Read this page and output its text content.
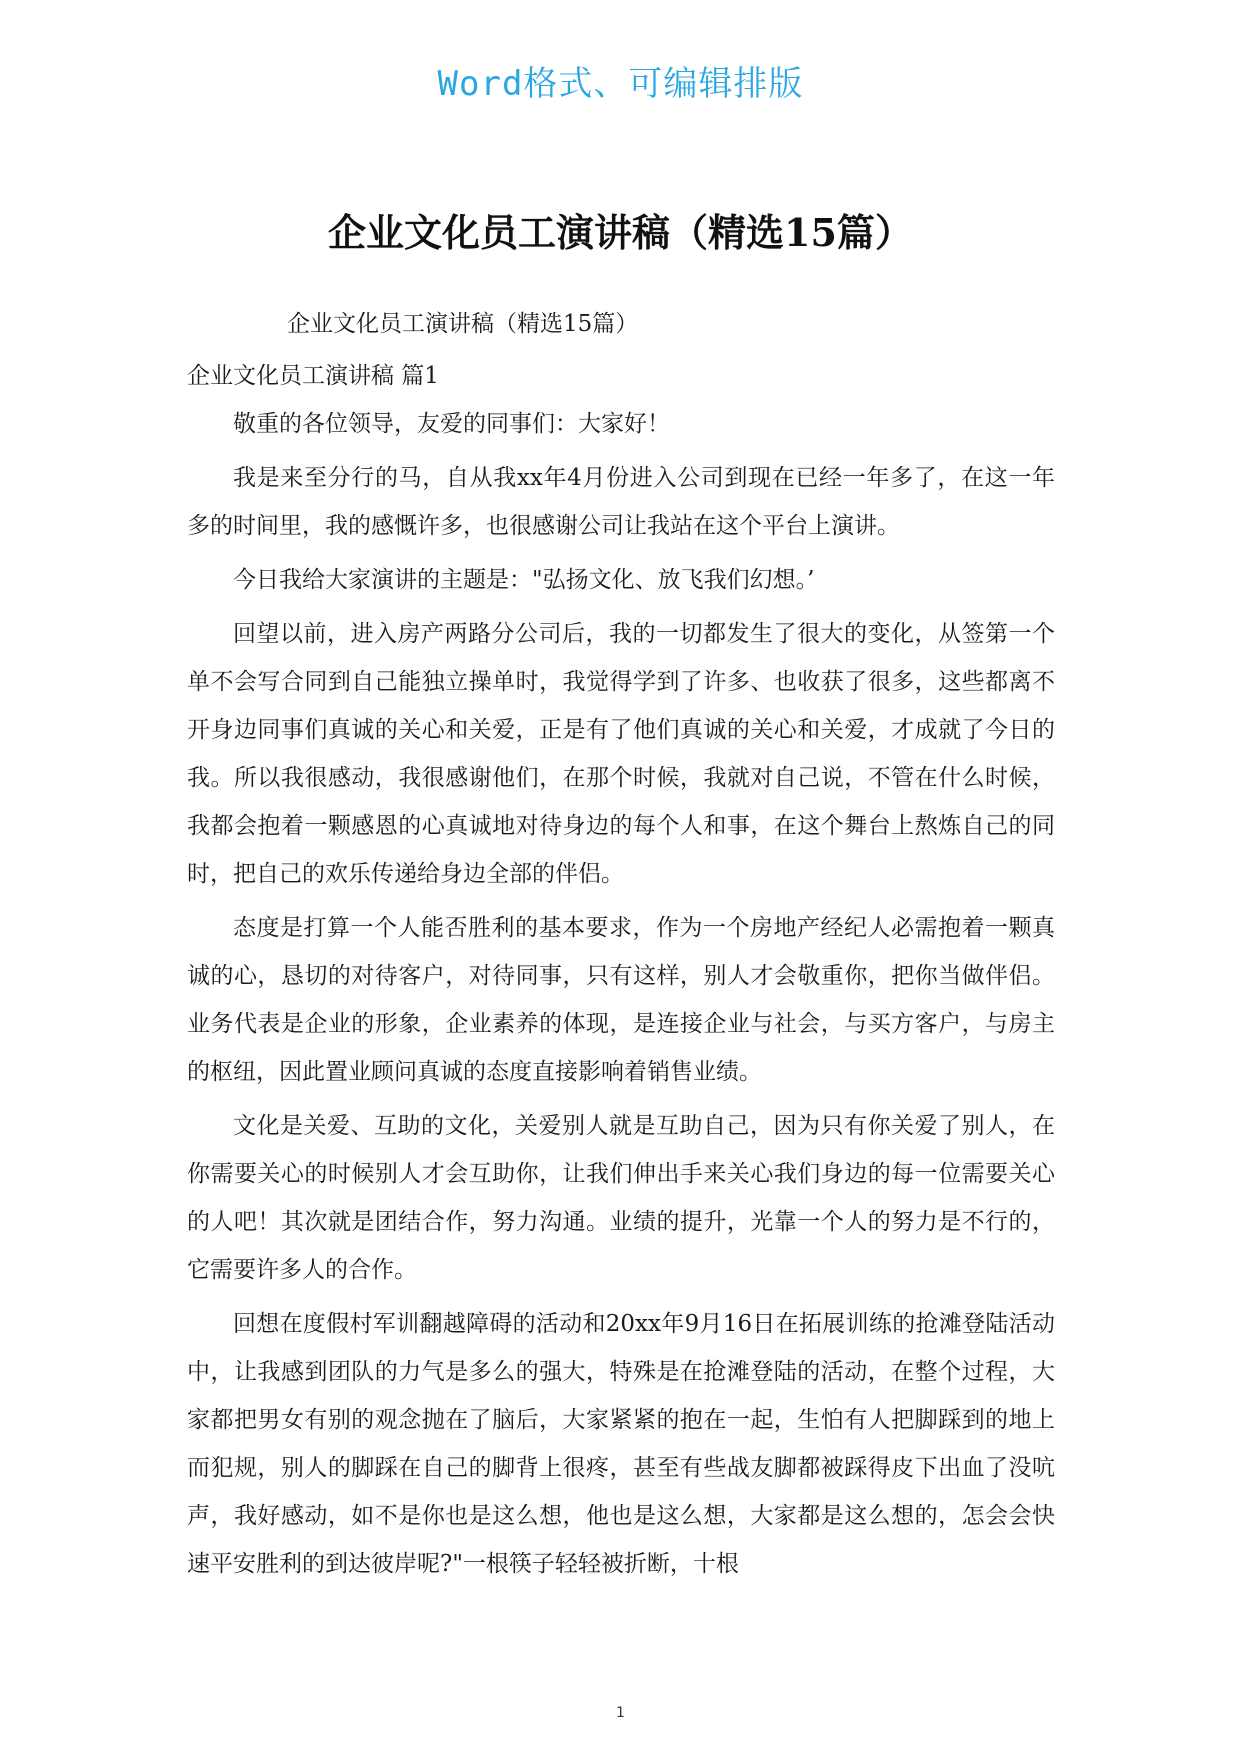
Word格式、可编辑排版
企业文化员工演讲稿（精选15篇）

企业文化员工演讲稿（精选15篇）

企业文化员工演讲稿 篇1

敬重的各位领导，友爱的同事们：大家好！

我是来至分行的马，自从我xx年4月份进入公司到现在已经一年多了，在这一年多的时间里，我的感慨许多，也很感谢公司让我站在这个平台上演讲。

今日我给大家演讲的主题是："弘扬文化、放飞我们幻想。’

回望以前，进入房产两路分公司后，我的一切都发生了很大的变化，从签第一个单不会写合同到自己能独立操单时，我觉得学到了许多、也收获了很多，这些都离不开身边同事们真诚的关心和关爱，正是有了他们真诚的关心和关爱，才成就了今日的我。所以我很感动，我很感谢他们，在那个时候，我就对自己说，不管在什么时候，我都会抱着一颗感恩的心真诚地对待身边的每个人和事，在这个舞台上熬炼自己的同时，把自己的欢乐传递给身边全部的伴侣。

态度是打算一个人能否胜利的基本要求，作为一个房地产经纪人必需抱着一颗真诚的心，恳切的对待客户，对待同事，只有这样，别人才会敬重你，把你当做伴侣。业务代表是企业的形象，企业素养的体现，是连接企业与社会，与买方客户，与房主的枢纽，因此置业顾问真诚的态度直接影响着销售业绩。

文化是关爱、互助的文化，关爱别人就是互助自己，因为只有你关爱了别人，在你需要关心的时候别人才会互助你，让我们伸出手来关心我们身边的每一位需要关心的人吧！其次就是团结合作，努力沟通。业绩的提升，光靠一个人的努力是不行的，它需要许多人的合作。

回想在度假村军训翻越障碍的活动和20xx年9月16日在拓展训练的抢滩登陆活动中，让我感到团队的力气是多么的强大，特殊是在抢滩登陆的活动，在整个过程，大家都把男女有别的观念抛在了脑后，大家紧紧的抱在一起，生怕有人把脚踩到的地上而犯规，别人的脚踩在自己的脚背上很疼，甚至有些战友脚都被踩得皮下出血了没吭声，我好感动，如不是你也是这么想，他也是这么想，大家都是这么想的，怎会会快速平安胜利的到达彼岸呢?"一根筷子轻轻被折断，十根

1
